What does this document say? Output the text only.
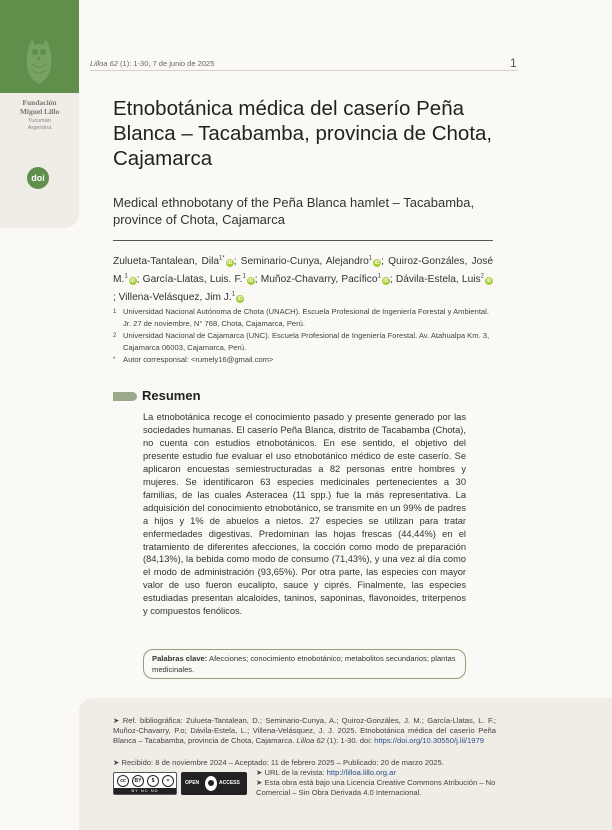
Fundación
Miguel Lillo
Tucumán
Argentina
doi
Lilloa 62 (1): 1-30, 7 de junio de 2025	1
Etnobotánica médica del caserío Peña Blanca – Tacabamba, provincia de Chota, Cajamarca
Medical ethnobotany of the Peña Blanca hamlet – Tacabamba, province of Chota, Cajamarca
Zulueta-Tantalean, Dila$^{1*}$iD ; Seminario-Cunya, Alejandro$^1$iD ; Quiroz-Gonzáles, José M.$^1$iD ; García-Llatas, Luis. F.$^1$iD ; Muñoz-Chavarry, Pacífico$^1$iD ; Dávila-Estela, Luis$^2$iD; Villena-Velásquez, Jim J.$^1$iD
1 Universidad Nacional Autónoma de Chota (UNACH). Escuela Profesional de Ingeniería Forestal y Ambiental. Jr. 27 de noviembre, N° 768, Chota, Cajamarca, Perú.
2 Universidad Nacional de Cajamarca (UNC). Escuela Profesional de Ingeniería Forestal. Av. Atahualpa Km. 3, Cajamarca 06003, Cajamarca, Perú.
* Autor corresponsal: <rumely16@gmail.com>
Resumen

La etnobotánica recoge el conocimiento pasado y presente generado por las sociedades humanas. El caserío Peña Blanca, distrito de Tacabamba (Chota), no cuenta con estudios etnobotánicos. En ese sentido, el objetivo del presente estudio fue evaluar el uso etnobotánico médico de este caserío. Se aplicaron encuestas semiestructuradas a 82 personas entre hombres y mujeres. Se identificaron 63 especies medicinales pertenecientes a 30 familias, de las cuales Asteracea (11 spp.) fue la más representativa. La adquisición del conocimiento etnobotánico, se transmite en un 99% de padres a hijos y 1% de abuelos a nietos. 27 especies se utilizan para tratar enfermedades digestivas. Predominan las hojas frescas (44,44%) en el tratamiento de diferentes afecciones, la cocción como modo de preparación (84,13%), la bebida como modo de consumo (71,43%), y una vez al día como el modo de administración (93,65%). Por otra parte, las especies con mayor valor de uso fueron eucalipto, sauce y ciprés. Finalmente, las especies estudiadas presentan alcaloides, taninos, saponinas, flavonoides, triterpenos y compuestos fenólicos.

Palabras clave: Afecciones; conocimiento etnobotánico; metabolitos secundarios; plantas medicinales.
➤ Ref. bibliográfica: Zulueta-Tantalean, D.; Seminario-Cunya, A.; Quiroz-Gonzáles, J. M.; García-Llatas, L. F.; Muñoz-Chavarry, P.o; Dávila-Estela, L.; Villena-Velásquez, J. J. 2025. Etnobotánica médica del caserío Peña Blanca – Tacabamba, provincia de Chota, Cajamarca. Lilloa 62 (1): 1-30. doi: https://doi.org/10.30550/j.lil/1979
➤ Recibido: 8 de noviembre 2024 – Aceptado: 11 de febrero 2025 – Publicado: 20 de marzo 2025.
cc	BY	$	=
BY NC ND
OPEN	ACCESS
➤ URL de la revista: http://lilloa.lillo.org.ar
➤ Esta obra está bajo una Licencia Creative Commons Atribución – No Comercial – Sin Obra Derivada 4.0 Internacional.
